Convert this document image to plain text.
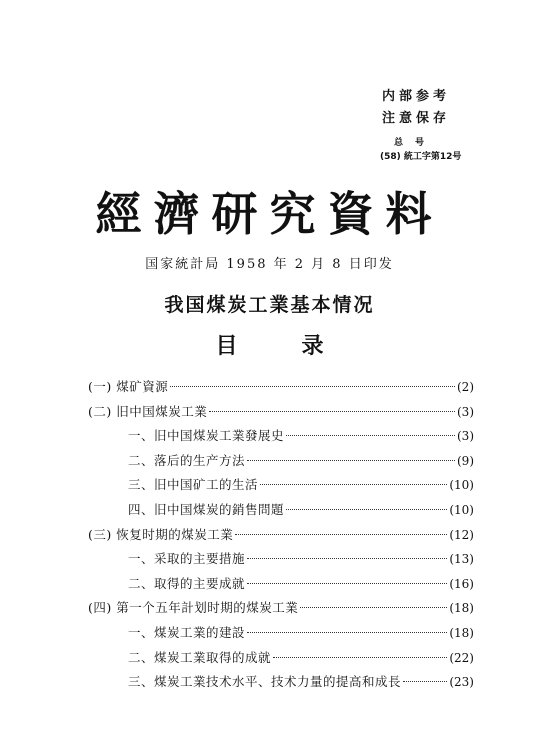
内部参考
注意保存
总号
(58) 統工字第12号
經濟研究資料
国家統計局 1958 年 2 月 8 日印发
我国煤炭工業基本情况
目录
(一) 煤矿資源	(2)
(二) 旧中国煤炭工業	(3)
一、旧中国煤炭工業發展史	(3)
二、落后的生产方法	(9)
三、旧中国矿工的生活	(10)
四、旧中国煤炭的銷售問題	(10)
(三) 恢复时期的煤炭工業	(12)
一、采取的主要措施	(13)
二、取得的主要成就	(16)
(四) 第一个五年計划时期的煤炭工業	(18)
一、煤炭工業的建設	(18)
二、煤炭工業取得的成就	(22)
三、煤炭工業技术水平、技术力量的提高和成長	(23)
